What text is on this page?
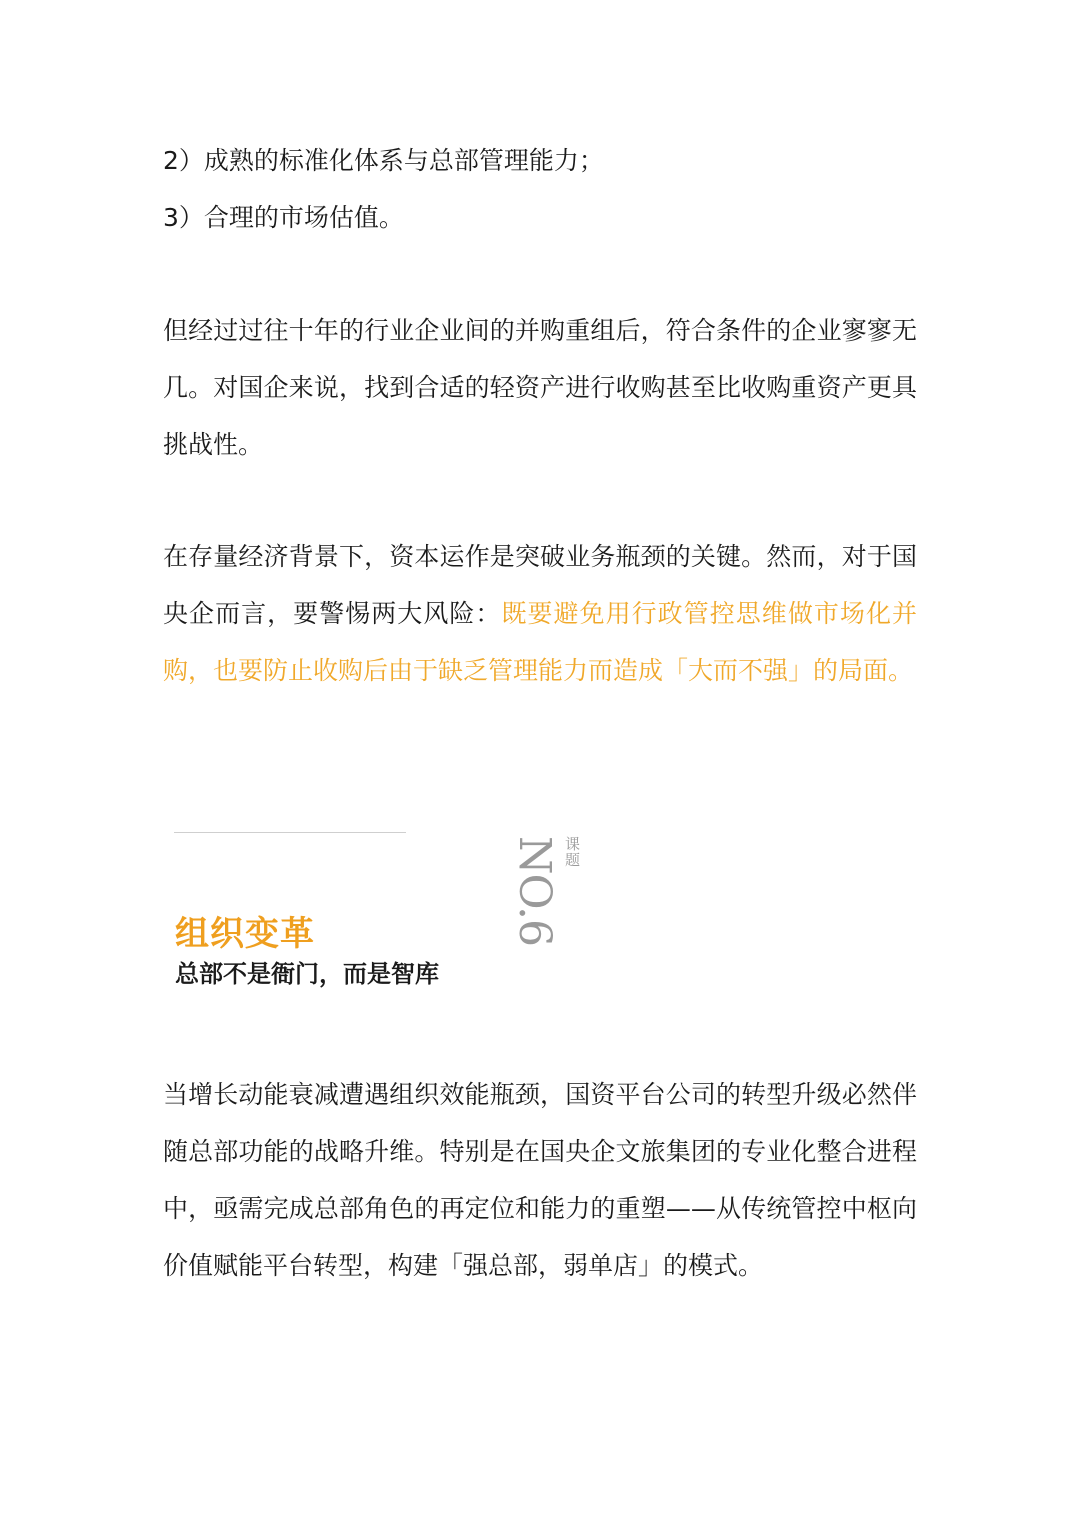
2）成熟的标准化体系与总部管理能力；
3）合理的市场估值。

但经过过往十年的行业企业间的并购重组后，符合条件的企业寥寥无几。对国企来说，找到合适的轻资产进行收购甚至比收购重资产更具挑战性。

在存量经济背景下，资本运作是突破业务瓶颈的关键。然而，对于国央企而言，要警惕两大风险：既要避免用行政管控思维做市场化并购，也要防止收购后由于缺乏管理能力而造成「大而不强」的局面。

课题
NO.6
组织变革
总部不是衙门，而是智库

当增长动能衰减遭遇组织效能瓶颈，国资平台公司的转型升级必然伴随总部功能的战略升维。特别是在国央企文旅集团的专业化整合进程中，亟需完成总部角色的再定位和能力的重塑——从传统管控中枢向价值赋能平台转型，构建「强总部，弱单店」的模式。
